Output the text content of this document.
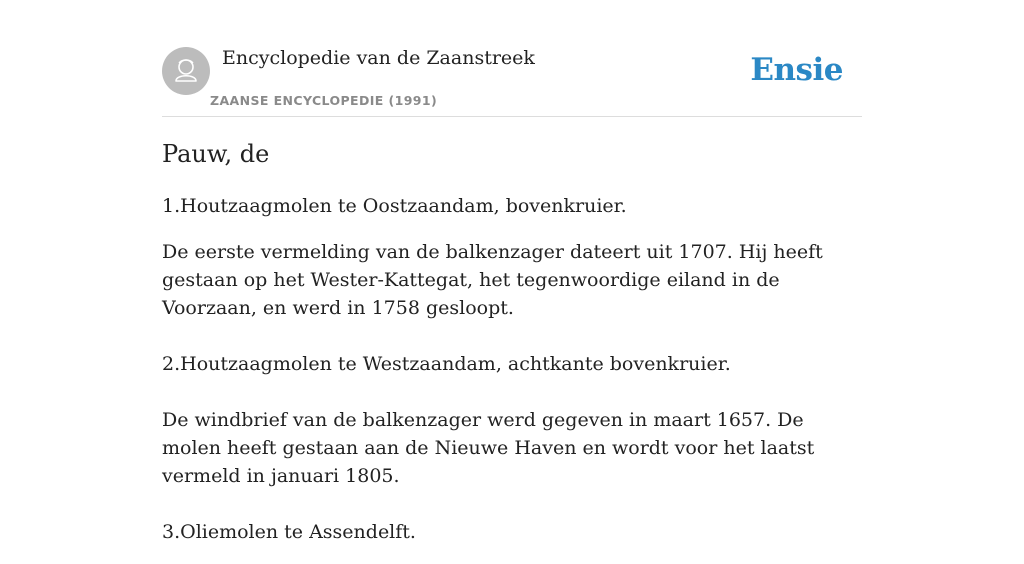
Encyclopedie van de Zaanstreek
ZAANSE ENCYCLOPEDIE (1991)
Ensie
Pauw, de

1.Houtzaagmolen te Oostzaandam, bovenkruier.

De eerste vermelding van de balkenzager dateert uit 1707. Hij heeft gestaan op het Wester-Kattegat, het tegenwoordige eiland in de Voorzaan, en werd in 1758 gesloopt.

2.Houtzaagmolen te Westzaandam, achtkante bovenkruier.

De windbrief van de balkenzager werd gegeven in maart 1657. De molen heeft gestaan aan de Nieuwe Haven en wordt voor het laatst vermeld in januari 1805.

3.Oliemolen te Assendelft.
